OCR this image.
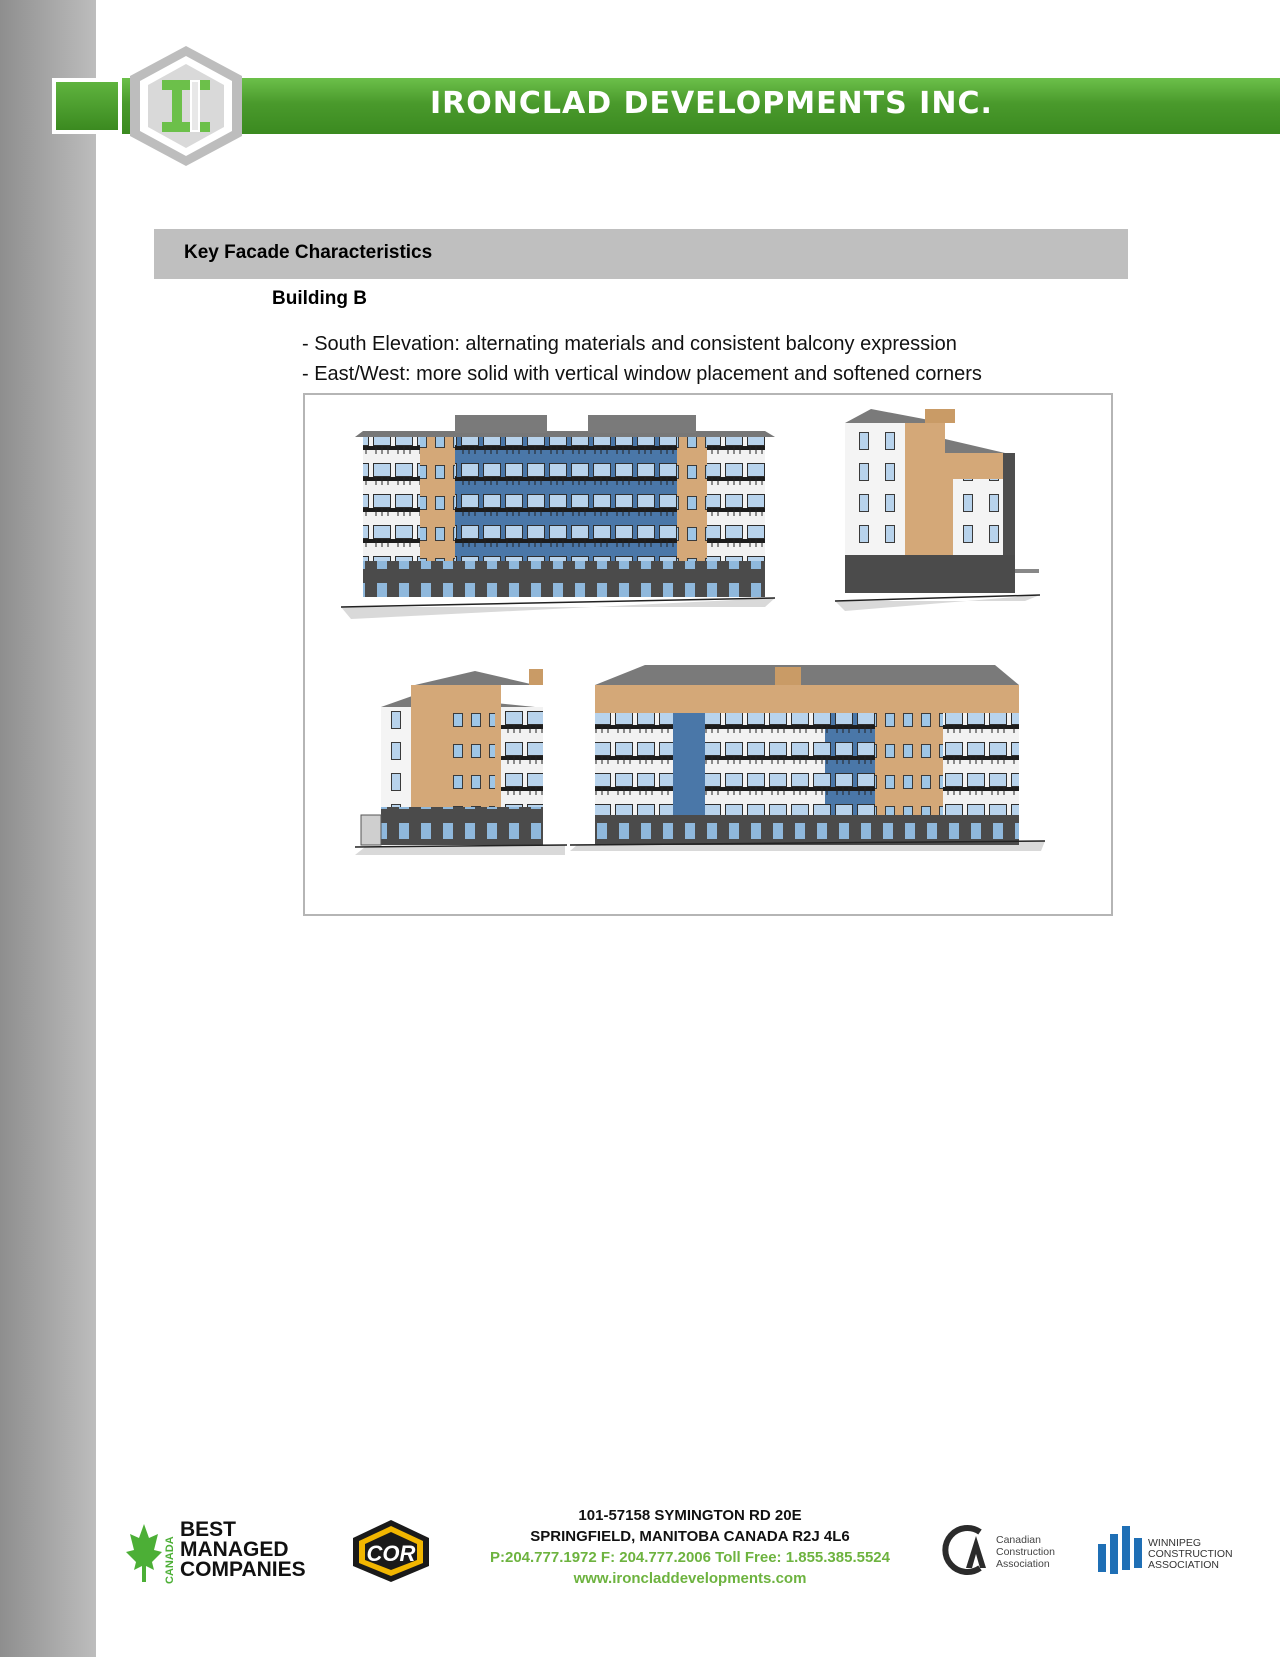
IRONCLAD DEVELOPMENTS INC.
Key Facade Characteristics
Building B
- South Elevation: alternating materials and consistent balcony expression
- East/West: more solid with vertical window placement and softened corners
CANADA
BEST
MANAGED
COMPANIES
COR
101-57158 SYMINGTON RD 20E
SPRINGFIELD, MANITOBA CANADA R2J 4L6
P:204.777.1972 F: 204.777.2006 Toll Free: 1.855.385.5524
www.ironcladdevelopments.com
Canadian
Construction
Association
WINNIPEG
CONSTRUCTION
ASSOCIATION
